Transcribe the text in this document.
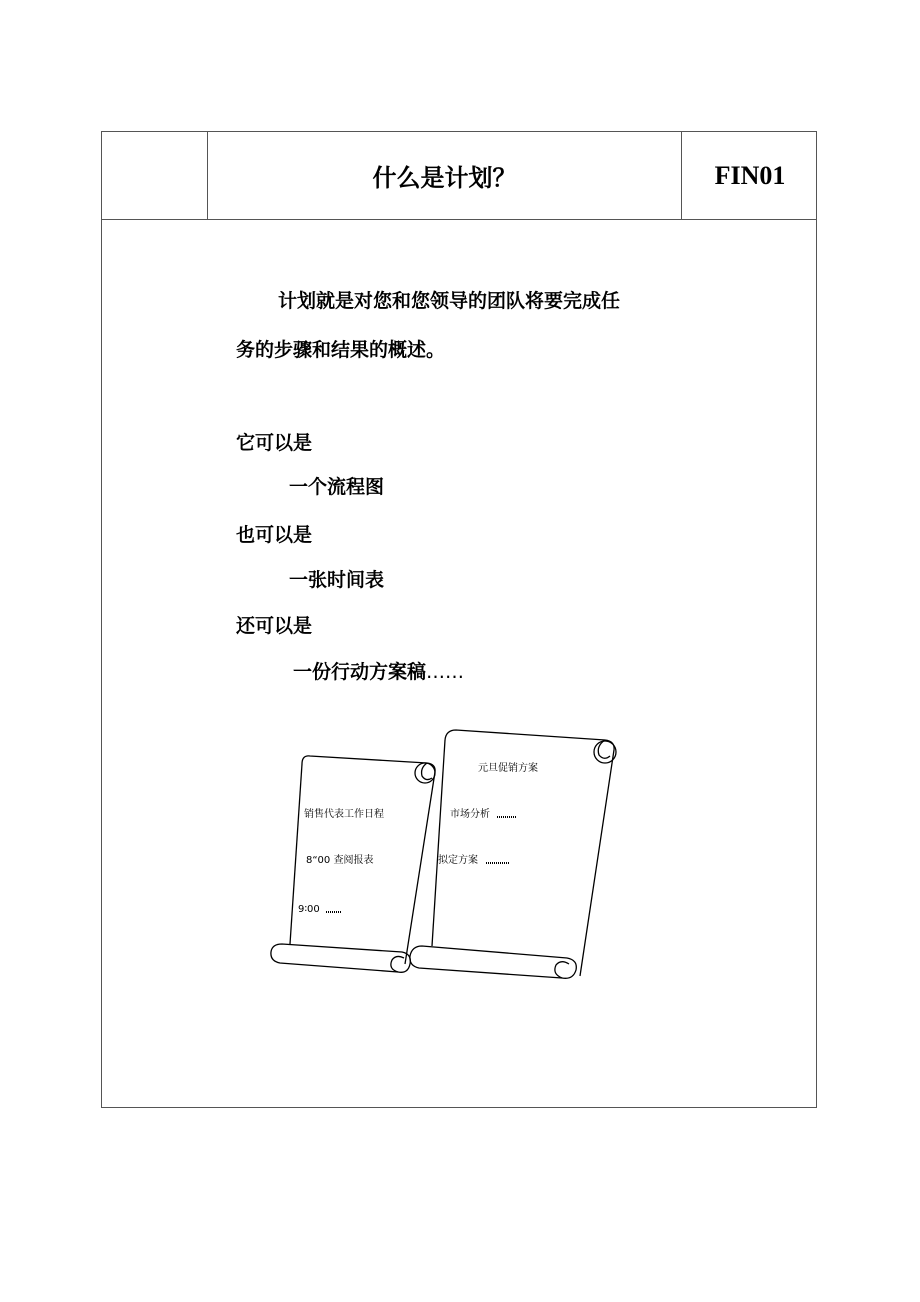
什么是计划？	FIN01
计划就是对您和您领导的团队将要完成任
务的步骤和结果的概述。
它可以是
一个流程图
也可以是
一张时间表
还可以是
一份行动方案稿……
销售代表工作日程
8“00 查阅报表
9∶00
元旦促销方案
市场分析
拟定方案
